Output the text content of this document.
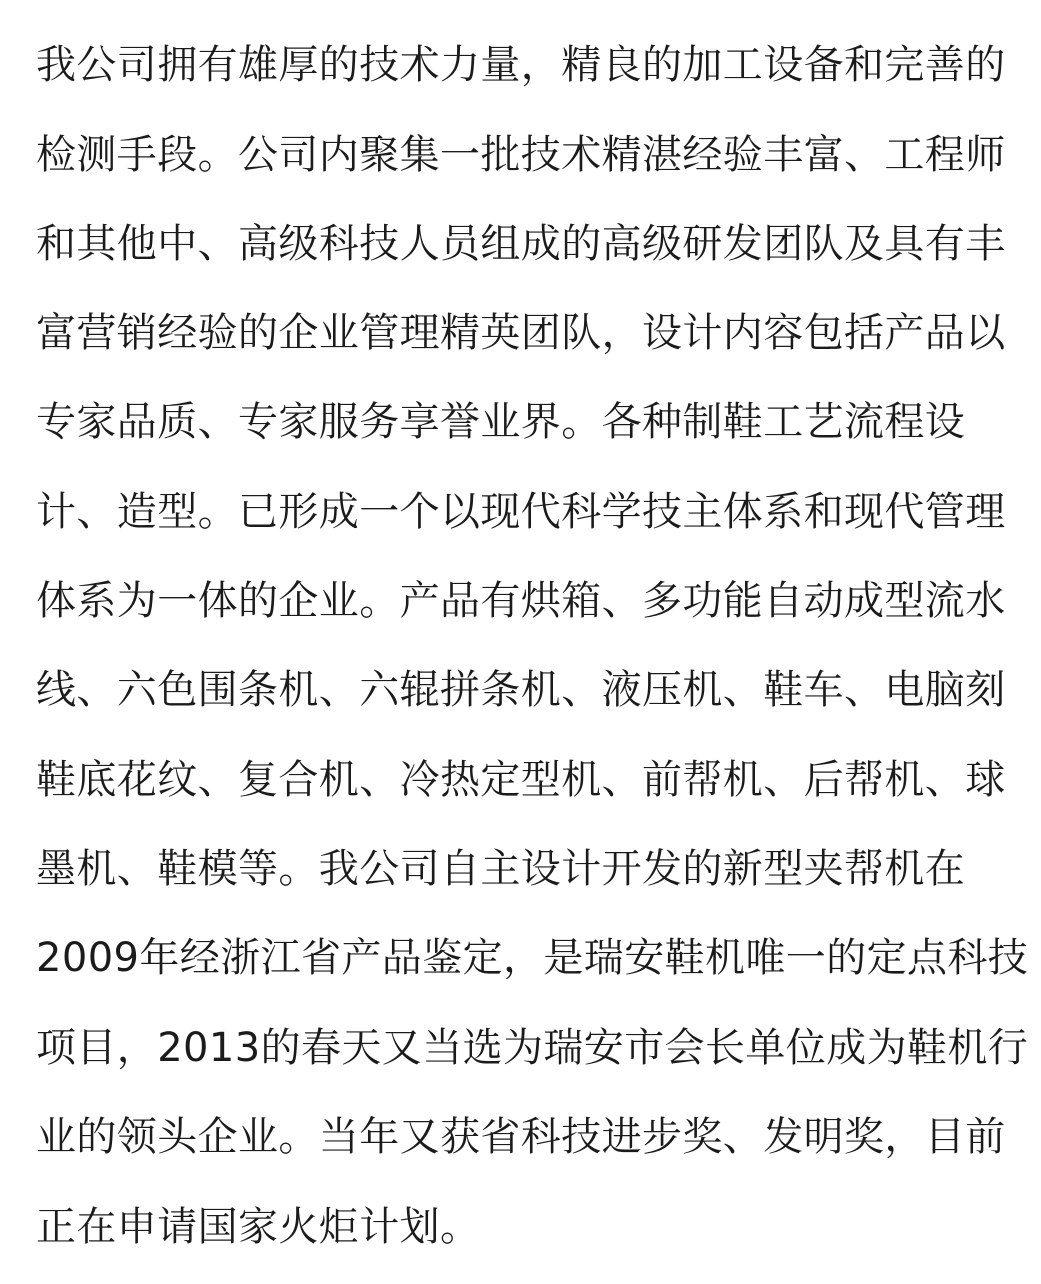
我公司拥有雄厚的技术力量，精良的加工设备和完善的
检测手段。公司内聚集一批技术精湛经验丰富、工程师
和其他中、高级科技人员组成的高级研发团队及具有丰
富营销经验的企业管理精英团队，设计内容包括产品以
专家品质、专家服务享誉业界。各种制鞋工艺流程设
计、造型。已形成一个以现代科学技主体系和现代管理
体系为一体的企业。产品有烘箱、多功能自动成型流水
线、六色围条机、六辊拼条机、液压机、鞋车、电脑刻
鞋底花纹、复合机、冷热定型机、前帮机、后帮机、球
墨机、鞋模等。我公司自主设计开发的新型夹帮机在
2009年经浙江省产品鉴定，是瑞安鞋机唯一的定点科技
项目，2013的春天又当选为瑞安市会长单位成为鞋机行
业的领头企业。当年又获省科技进步奖、发明奖，目前
正在申请国家火炬计划。
